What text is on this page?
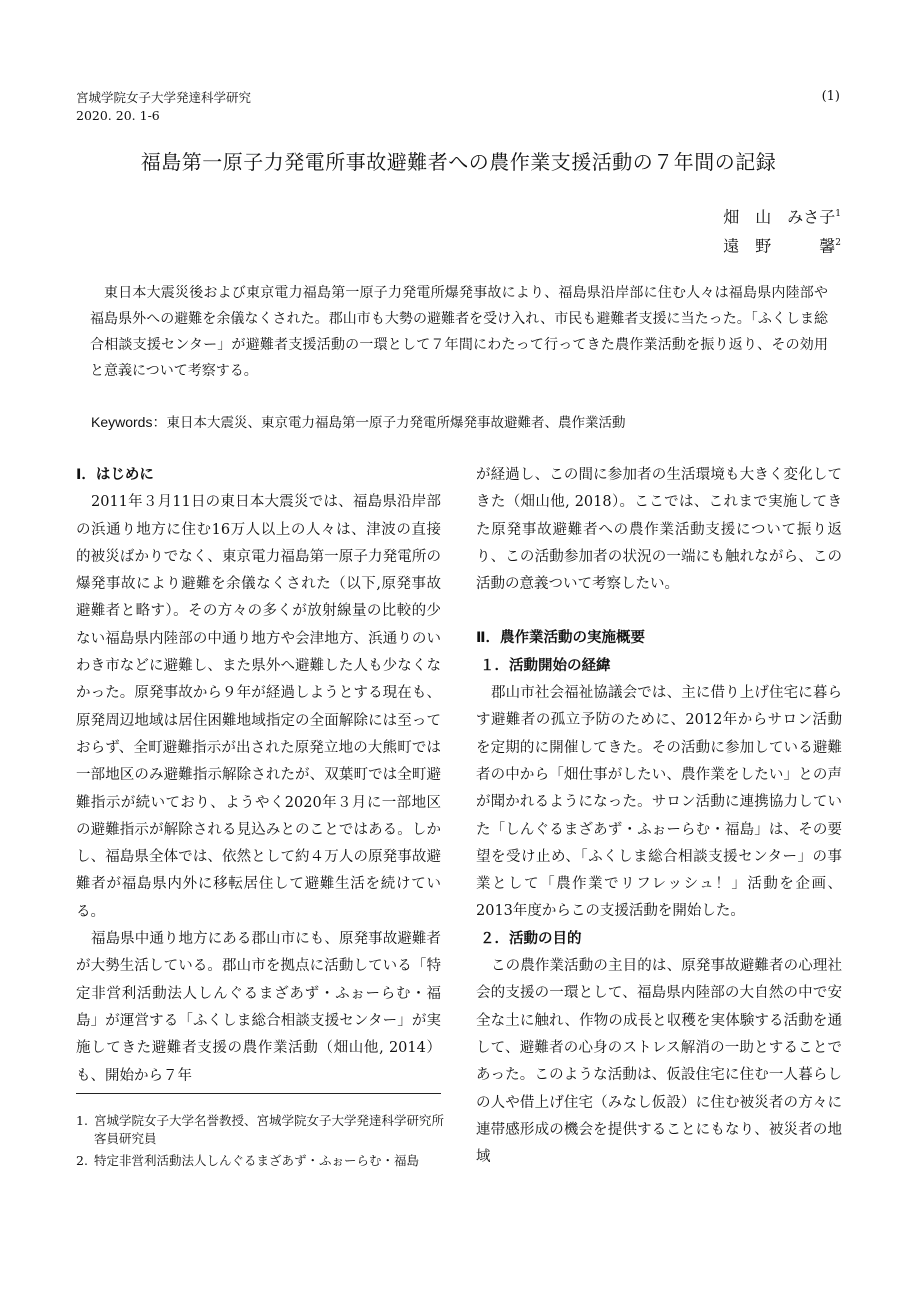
宮城学院女子大学発達科学研究
2020. 20. 1-6
(1)
福島第一原子力発電所事故避難者への農作業支援活動の７年間の記録
畑　山　みさ子$^1$
遠　野　　　馨$^2$
東日本大震災後および東京電力福島第一原子力発電所爆発事故により、福島県沿岸部に住む人々は福島県内陸部や福島県外への避難を余儀なくされた。郡山市も大勢の避難者を受け入れ、市民も避難者支援に当たった。「ふくしま総合相談支援センター」が避難者支援活動の一環として７年間にわたって行ってきた農作業活動を振り返り、その効用と意義について考察する。
Keywords：東日本大震災、東京電力福島第一原子力発電所爆発事故避難者、農作業活動
Ⅰ．はじめに

2011年３月11日の東日本大震災では、福島県沿岸部の浜通り地方に住む16万人以上の人々は、津波の直接的被災ばかりでなく、東京電力福島第一原子力発電所の爆発事故により避難を余儀なくされた（以下,原発事故避難者と略す）。その方々の多くが放射線量の比較的少ない福島県内陸部の中通り地方や会津地方、浜通りのいわき市などに避難し、また県外へ避難した人も少なくなかった。原発事故から９年が経過しようとする現在も、原発周辺地域は居住困難地域指定の全面解除には至っておらず、全町避難指示が出された原発立地の大熊町では一部地区のみ避難指示解除されたが、双葉町では全町避難指示が続いており、ようやく2020年３月に一部地区の避難指示が解除される見込みとのことではある。しかし、福島県全体では、依然として約４万人の原発事故避難者が福島県内外に移転居住して避難生活を続けている。

福島県中通り地方にある郡山市にも、原発事故避難者が大勢生活している。郡山市を拠点に活動している「特定非営利活動法人しんぐるまざあず・ふぉーらむ・福島」が運営する「ふくしま総合相談支援センター」が実施してきた避難者支援の農作業活動（畑山他, 2014）も、開始から７年

が経過し、この間に参加者の生活環境も大きく変化してきた（畑山他, 2018）。ここでは、これまで実施してきた原発事故避難者への農作業活動支援について振り返り、この活動参加者の状況の一端にも触れながら、この活動の意義ついて考察したい。

Ⅱ．農作業活動の実施概要
１．活動開始の経緯

郡山市社会福祉協議会では、主に借り上げ住宅に暮らす避難者の孤立予防のために、2012年からサロン活動を定期的に開催してきた。その活動に参加している避難者の中から「畑仕事がしたい、農作業をしたい」との声が聞かれるようになった。サロン活動に連携協力していた「しんぐるまざあず・ふぉーらむ・福島」は、その要望を受け止め、「ふくしま総合相談支援センター」の事業として「農作業でリフレッシュ！」活動を企画、2013年度からこの支援活動を開始した。

２．活動の目的

この農作業活動の主目的は、原発事故避難者の心理社会的支援の一環として、福島県内陸部の大自然の中で安全な土に触れ、作物の成長と収穫を実体験する活動を通して、避難者の心身のストレス解消の一助とすることであった。このような活動は、仮設住宅に住む一人暮らしの人や借上げ住宅（みなし仮設）に住む被災者の方々に連帯感形成の機会を提供することにもなり、被災者の地域

1. 宮城学院女子大学名誉教授、宮城学院女子大学発達科学研究所客員研究員
2. 特定非営利活動法人しんぐるまざあず・ふぉーらむ・福島
